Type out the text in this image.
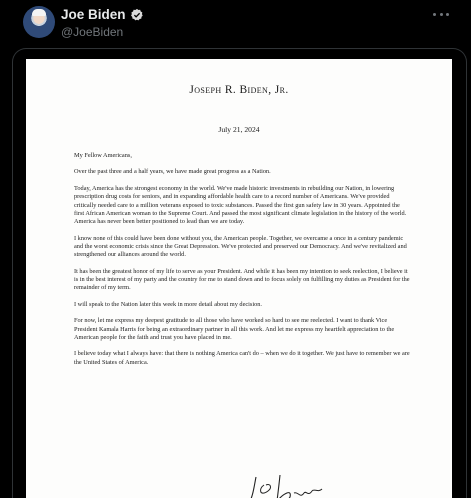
Joe Biden
@JoeBiden
Joseph R. Biden, Jr.
July 21, 2024

My Fellow Americans,

Over the past three and a half years, we have made great progress as a Nation.

Today, America has the strongest economy in the world. We've made historic investments in rebuilding our Nation, in lowering prescription drug costs for seniors, and in expanding affordable health care to a record number of Americans. We've provided critically needed care to a million veterans exposed to toxic substances. Passed the first gun safety law in 30 years. Appointed the first African American woman to the Supreme Court. And passed the most significant climate legislation in the history of the world. America has never been better positioned to lead than we are today.

I know none of this could have been done without you, the American people. Together, we overcame a once in a century pandemic and the worst economic crisis since the Great Depression. We've protected and preserved our Democracy. And we've revitalized and strengthened our alliances around the world.

It has been the greatest honor of my life to serve as your President. And while it has been my intention to seek reelection, I believe it is in the best interest of my party and the country for me to stand down and to focus solely on fulfilling my duties as President for the remainder of my term.

I will speak to the Nation later this week in more detail about my decision.

For now, let me express my deepest gratitude to all those who have worked so hard to see me reelected. I want to thank Vice President Kamala Harris for being an extraordinary partner in all this work. And let me express my heartfelt appreciation to the American people for the faith and trust you have placed in me.

I believe today what I always have: that there is nothing America can't do – when we do it together. We just have to remember we are the United States of America.
